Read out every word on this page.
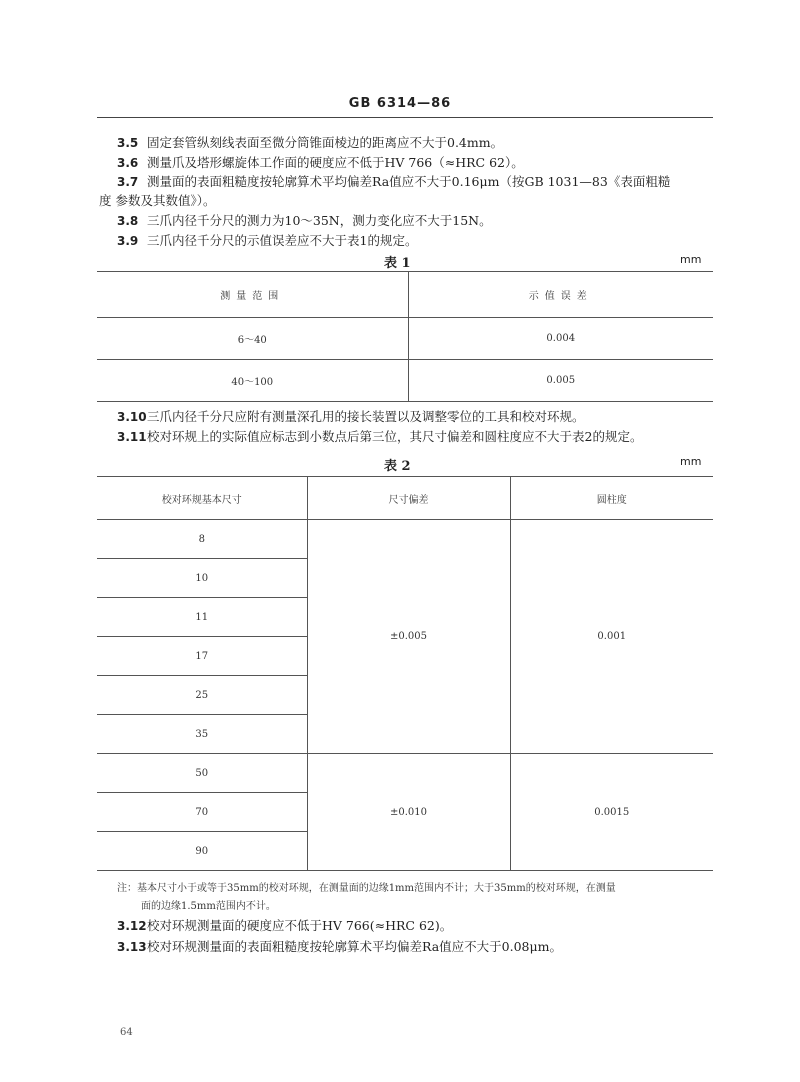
GB 6314—86
3.5 固定套管纵刻线表面至微分筒锥面棱边的距离应不大于0.4mm。
3.6 测量爪及塔形螺旋体工作面的硬度应不低于HV 766（≈HRC 62）。
3.7 测量面的表面粗糙度按轮廓算术平均偏差Ra值应不大于0.16μm（按GB 1031—83《表面粗糙
度 参数及其数值》）。
3.8 三爪内径千分尺的测力为10～35N，测力变化应不大于15N。
3.9 三爪内径千分尺的示值误差应不大于表1的规定。
表 1	mm
测量范围	示值误差
6～40	0.004
40～100	0.005
3.10三爪内径千分尺应附有测量深孔用的接长装置以及调整零位的工具和校对环规。
3.11校对环规上的实际值应标志到小数点后第三位，其尺寸偏差和圆柱度应不大于表2的规定。
表 2	mm
校对环规基本尺寸	尺寸偏差	圆柱度
8	±0.005	0.001
10		
11		
17		
25		
35		
50	±0.010	0.0015
70		
90		
注：基本尺寸小于或等于35mm的校对环规，在测量面的边缘1mm范围内不计；大于35mm的校对环规，在测量
面的边缘1.5mm范围内不计。
3.12校对环规测量面的硬度应不低于HV 766(≈HRC 62)。
3.13校对环规测量面的表面粗糙度按轮廓算术平均偏差Ra值应不大于0.08μm。
64
